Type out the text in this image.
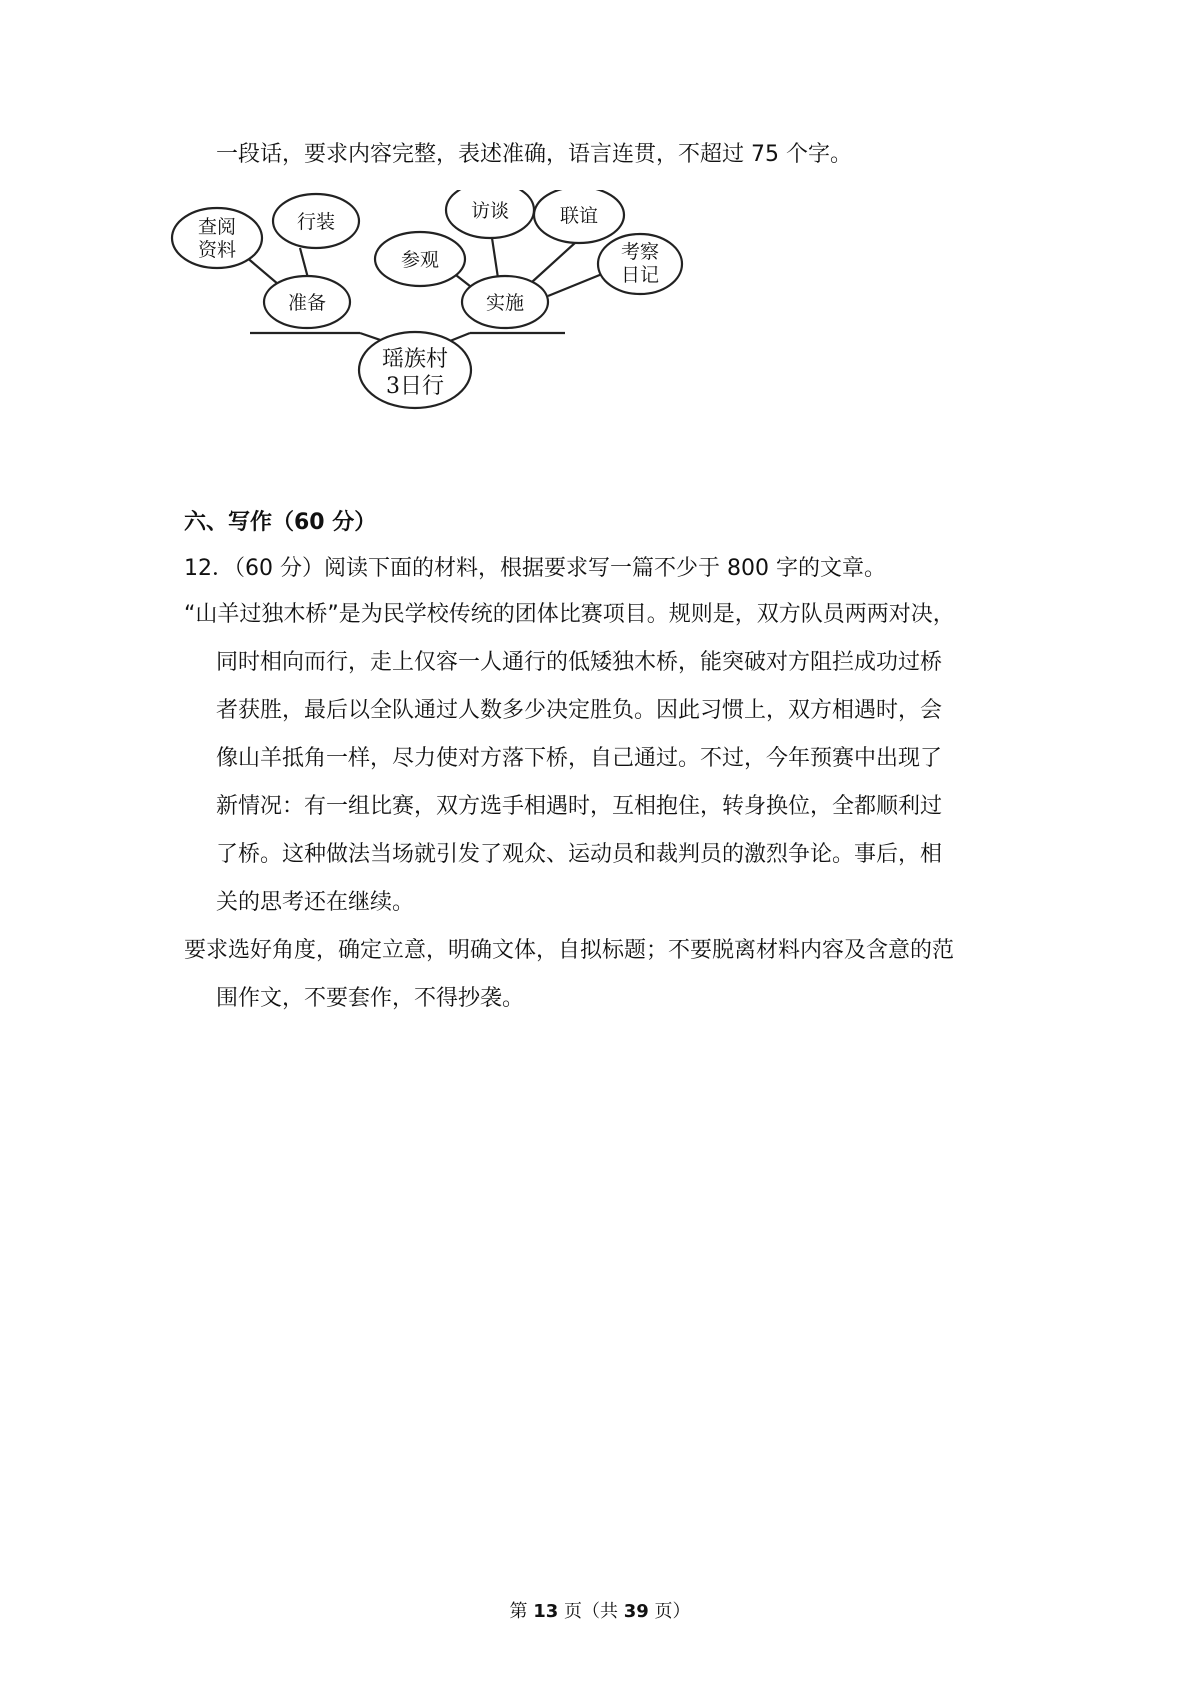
一段话，要求内容完整，表述准确，语言连贯，不超过 75 个字。
瑶族村
3日行
准备
查阅
资料
行装
实施
参观
访谈	联谊
考察
日记
六、写作（60 分）
12．（60 分）阅读下面的材料，根据要求写一篇不少于 800 字的文章。
“山羊过独木桥”是为民学校传统的团体比赛项目。规则是，双方队员两两对决，
同时相向而行，走上仅容一人通行的低矮独木桥，能突破对方阻拦成功过桥
者获胜，最后以全队通过人数多少决定胜负。因此习惯上，双方相遇时，会
像山羊抵角一样，尽力使对方落下桥，自己通过。不过，今年预赛中出现了
新情况：有一组比赛，双方选手相遇时，互相抱住，转身换位，全都顺利过
了桥。这种做法当场就引发了观众、运动员和裁判员的激烈争论。事后，相
关的思考还在继续。
要求选好角度，确定立意，明确文体，自拟标题；不要脱离材料内容及含意的范
围作文，不要套作，不得抄袭。
第 13 页（共 39 页）
